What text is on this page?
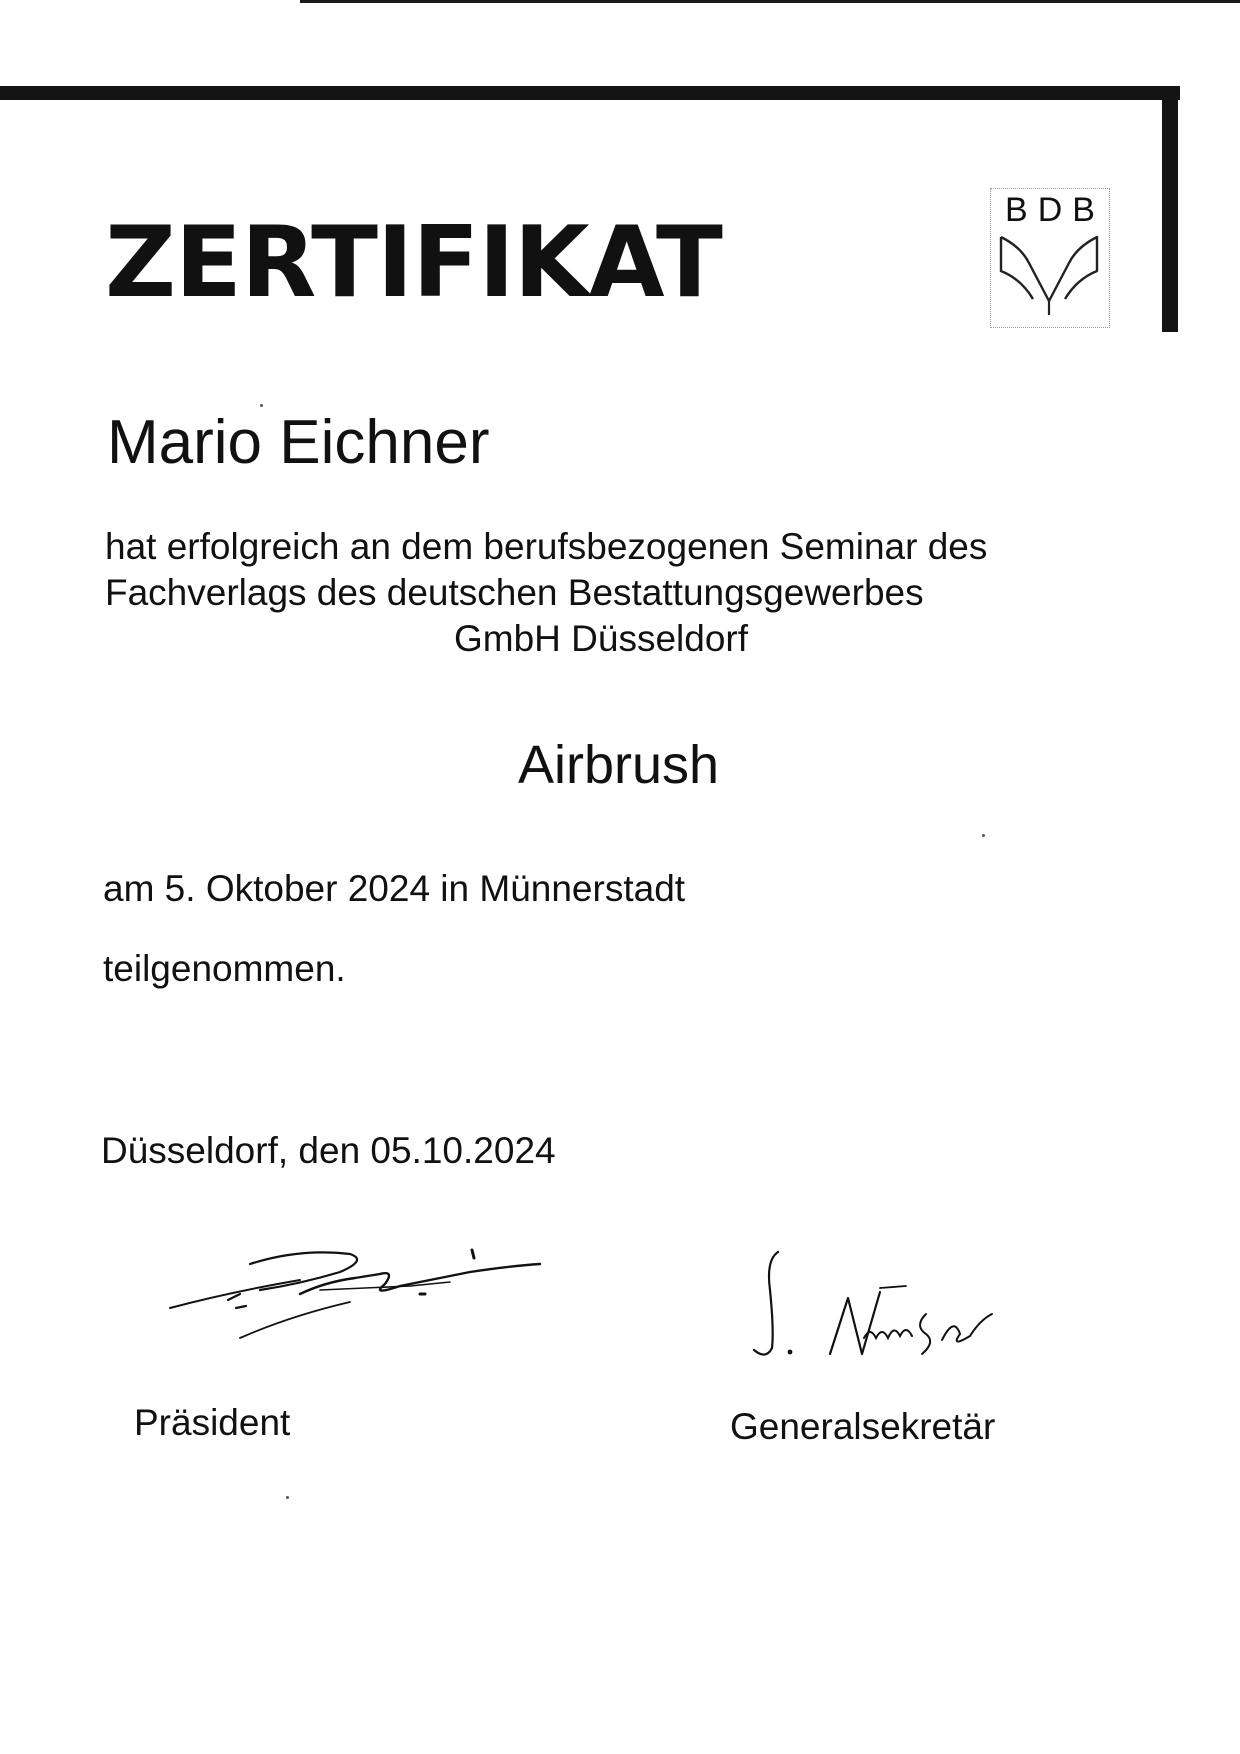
ZERTIFIKAT	BDB
Mario Eichner
hat erfolgreich an dem berufsbezogenen Seminar des
Fachverlags des deutschen Bestattungsgewerbes
GmbH Düsseldorf
Airbrush
am 5. Oktober 2024 in Münnerstadt
teilgenommen.
Düsseldorf, den 05.10.2024
Präsident	Generalsekretär
